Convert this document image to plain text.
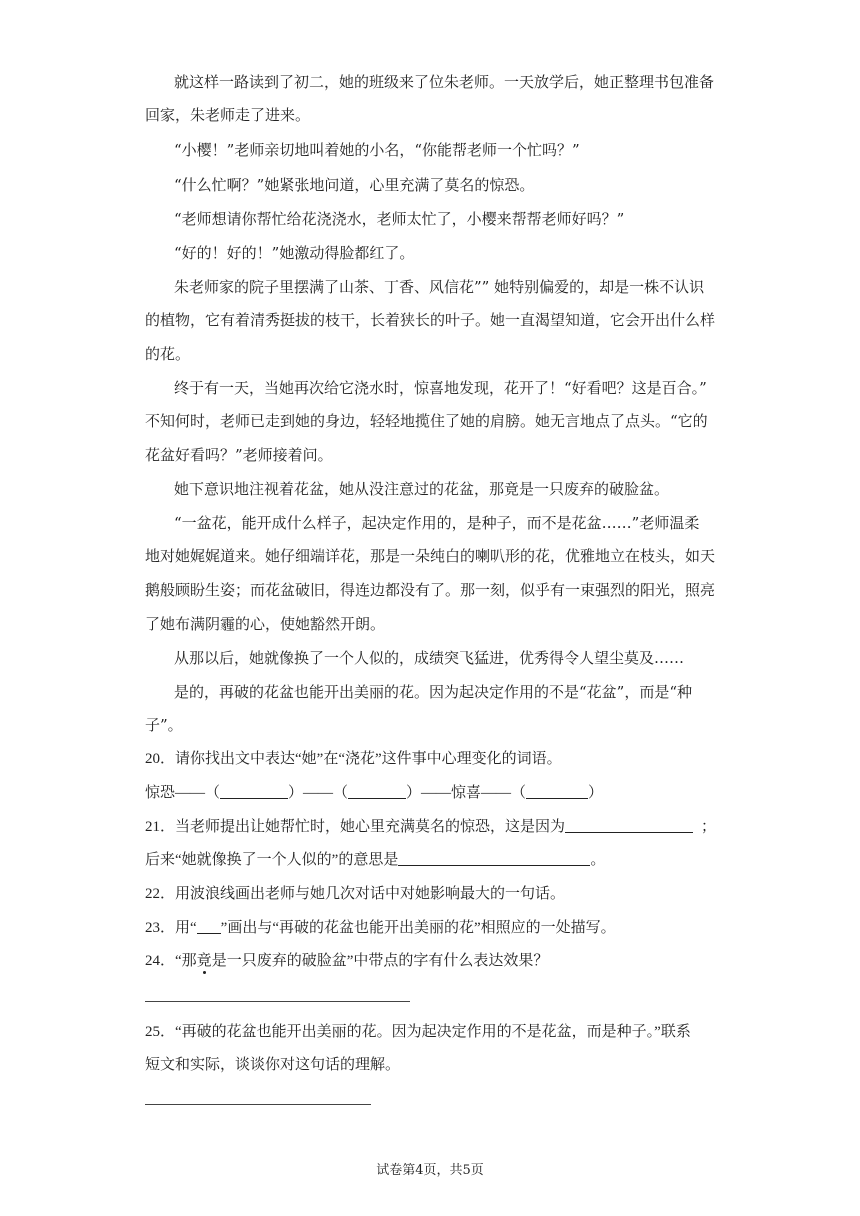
就这样一路读到了初二，她的班级来了位朱老师。一天放学后，她正整理书包准备
回家，朱老师走了进来。
“小樱！”老师亲切地叫着她的小名，“你能帮老师一个忙吗？”
“什么忙啊？”她紧张地问道，心里充满了莫名的惊恐。
“老师想请你帮忙给花浇浇水，老师太忙了，小樱来帮帮老师好吗？”
“好的！好的！”她激动得脸都红了。
朱老师家的院子里摆满了山茶、丁香、风信花”” 她特别偏爱的，却是一株不认识
的植物，它有着清秀挺拔的枝干，长着狭长的叶子。她一直渴望知道，它会开出什么样
的花。
终于有一天，当她再次给它浇水时，惊喜地发现，花开了！“好看吧？这是百合。”
不知何时，老师已走到她的身边，轻轻地揽住了她的肩膀。她无言地点了点头。“它的
花盆好看吗？”老师接着问。
她下意识地注视着花盆，她从没注意过的花盆，那竟是一只废弃的破脸盆。
“一盆花，能开成什么样子，起决定作用的，是种子，而不是花盆……”老师温柔
地对她娓娓道来。她仔细端详花，那是一朵纯白的喇叭形的花，优雅地立在枝头，如天
鹅般顾盼生姿；而花盆破旧，得连边都没有了。那一刻，似乎有一束强烈的阳光，照亮
了她布满阴霾的心，使她豁然开朗。
从那以后，她就像换了一个人似的，成绩突飞猛进，优秀得令人望尘莫及……
是的，再破的花盆也能开出美丽的花。因为起决定作用的不是“花盆”，而是“种
子”。
20．请你找出文中表达“她”在“浇花”这件事中心理变化的词语。
惊恐——（	）——（	）——惊喜——（	）
21．当老师提出让她帮忙时，她心里充满莫名的惊恐，这是因为	；
后来“她就像换了一个人似的”的意思是	。
22．用波浪线画出老师与她几次对话中对她影响最大的一句话。
23．用“ ”画出与“再破的花盆也能开出美丽的花”相照应的一处描写。
24．“那竟是一只废弃的破脸盆”中带点的字有什么表达效果？
25．“再破的花盆也能开出美丽的花。因为起决定作用的不是花盆，而是种子。”联系
短文和实际，谈谈你对这句话的理解。
试卷第4页，共5页
